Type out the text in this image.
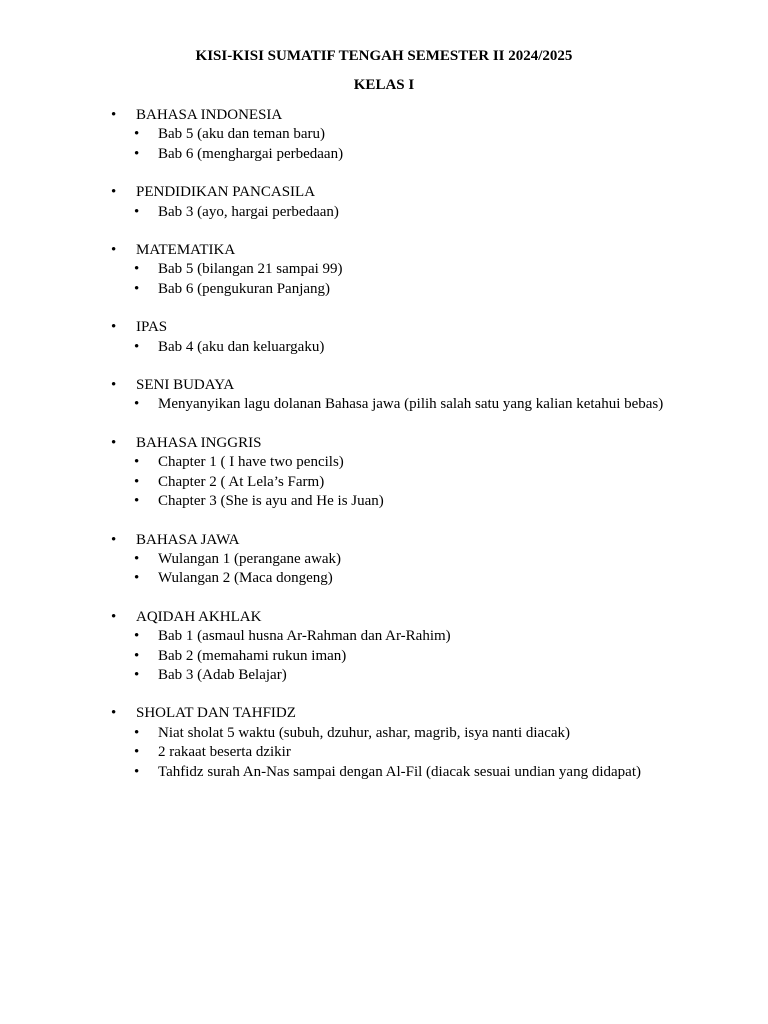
KISI-KISI SUMATIF TENGAH SEMESTER II 2024/2025

KELAS I

• BAHASA INDONESIA

• Bab 5 (aku dan teman baru)
• Bab 6 (menghargai perbedaan)

• PENDIDIKAN PANCASILA

• Bab 3 (ayo, hargai perbedaan)

• MATEMATIKA

• Bab 5 (bilangan 21 sampai 99)
• Bab 6 (pengukuran Panjang)

• IPAS

• Bab 4 (aku dan keluargaku)

• SENI BUDAYA

• Menyanyikan lagu dolanan Bahasa jawa (pilih salah satu yang kalian ketahui bebas)

• BAHASA INGGRIS

• Chapter 1 ( I have two pencils)
• Chapter 2 ( At Lela’s Farm)
• Chapter 3 (She is ayu and He is Juan)

• BAHASA JAWA

• Wulangan 1 (perangane awak)
• Wulangan 2 (Maca dongeng)

• AQIDAH AKHLAK

• Bab 1 (asmaul husna Ar-Rahman dan Ar-Rahim)
• Bab 2 (memahami rukun iman)
• Bab 3 (Adab Belajar)

• SHOLAT DAN TAHFIDZ

• Niat sholat 5 waktu (subuh, dzuhur, ashar, magrib, isya nanti diacak)
• 2 rakaat beserta dzikir
• Tahfidz surah An-Nas sampai dengan Al-Fil (diacak sesuai undian yang didapat)
